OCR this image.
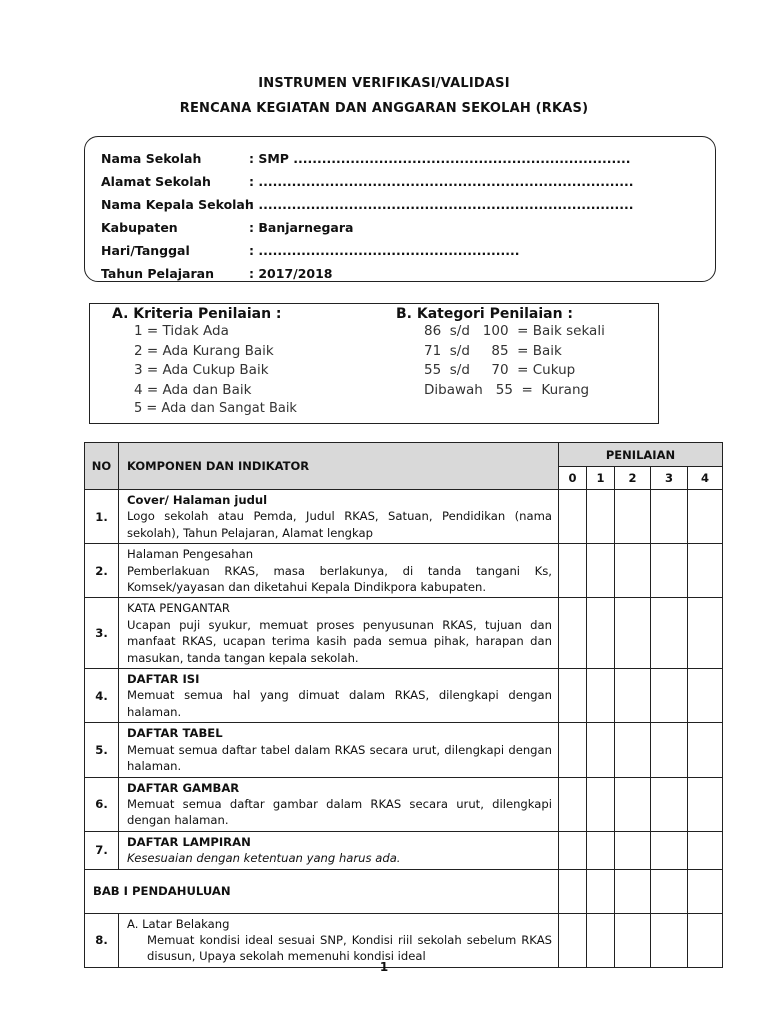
INSTRUMEN VERIFIKASI/VALIDASI
RENCANA KEGIATAN DAN ANGGARAN SEKOLAH (RKAS)
Nama Sekolah	: SMP .......................................................................
Alamat Sekolah	: ...............................................................................
Nama Kepala Sekolah: ...............................................................................
Kabupaten	: Banjarnegara
Hari/Tanggal	: .......................................................
Tahun Pelajaran	: 2017/2018
A. Kriteria Penilaian :
1 = Tidak Ada
2 = Ada Kurang Baik
3 = Ada Cukup Baik
4 = Ada dan Baik
5 = Ada dan Sangat Baik
B. Kategori Penilaian :
86  s/d   100  = Baik sekali
71  s/d     85  = Baik
55  s/d     70  = Cukup
Dibawah   55  =  Kurang
NO	KOMPONEN DAN INDIKATOR	PENILAIAN				
		0	1	2	3	4
1.	Cover/ Halaman judul
Logo sekolah atau Pemda, Judul RKAS, Satuan, Pendidikan (nama sekolah), Tahun Pelajaran, Alamat lengkap					

2.	Halaman Pengesahan
Pemberlakuan RKAS, masa berlakunya, di tanda tangani Ks, Komsek/yayasan dan diketahui Kepala Dindikpora kabupaten.					

3.	KATA PENGANTAR
Ucapan puji syukur, memuat proses penyusunan RKAS, tujuan dan manfaat RKAS, ucapan terima kasih pada semua pihak, harapan dan masukan, tanda tangan kepala sekolah.					

4.	DAFTAR ISI
Memuat semua hal yang dimuat dalam RKAS, dilengkapi dengan halaman.					

5.	DAFTAR TABEL
Memuat semua daftar tabel dalam RKAS secara urut, dilengkapi dengan halaman.					

6.	DAFTAR GAMBAR
Memuat semua daftar gambar dalam RKAS secara urut, dilengkapi dengan halaman.					

7.	DAFTAR LAMPIRAN
Kesesuaian dengan ketentuan yang harus ada.					

BAB I PENDAHULUAN						
8.	A. Latar Belakang
Memuat kondisi ideal sesuai SNP, Kondisi riil sekolah sebelum RKAS disusun, Upaya sekolah memenuhi kondisi ideal					

1
